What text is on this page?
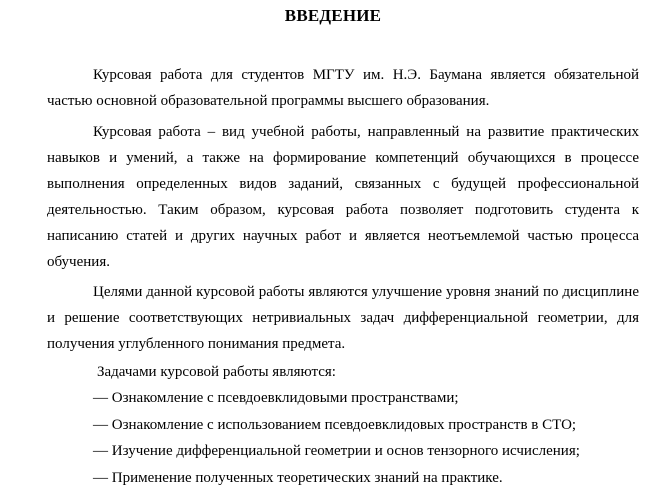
ВВЕДЕНИЕ

Курсовая работа для студентов МГТУ им. Н.Э. Баумана является обязательной частью основной образовательной программы высшего образования.

Курсовая работа – вид учебной работы, направленный на развитие практических навыков и умений, а также на формирование компетенций обучающихся в процессе выполнения определенных видов заданий, связанных с будущей профессиональной деятельностью. Таким образом, курсовая работа позволяет подготовить студента к написанию статей и других научных работ и является неотъемлемой частью процесса обучения.

Целями данной курсовой работы являются улучшение уровня знаний по дисциплине и решение соответствующих нетривиальных задач дифференциальной геометрии, для получения углубленного понимания предмета.

Задачами курсовой работы являются:

— Ознакомление с псевдоевклидовыми пространствами;
— Ознакомление с использованием псевдоевклидовых пространств в СТО;
— Изучение дифференциальной геометрии и основ тензорного исчисления;
— Применение полученных теоретических знаний на практике.
